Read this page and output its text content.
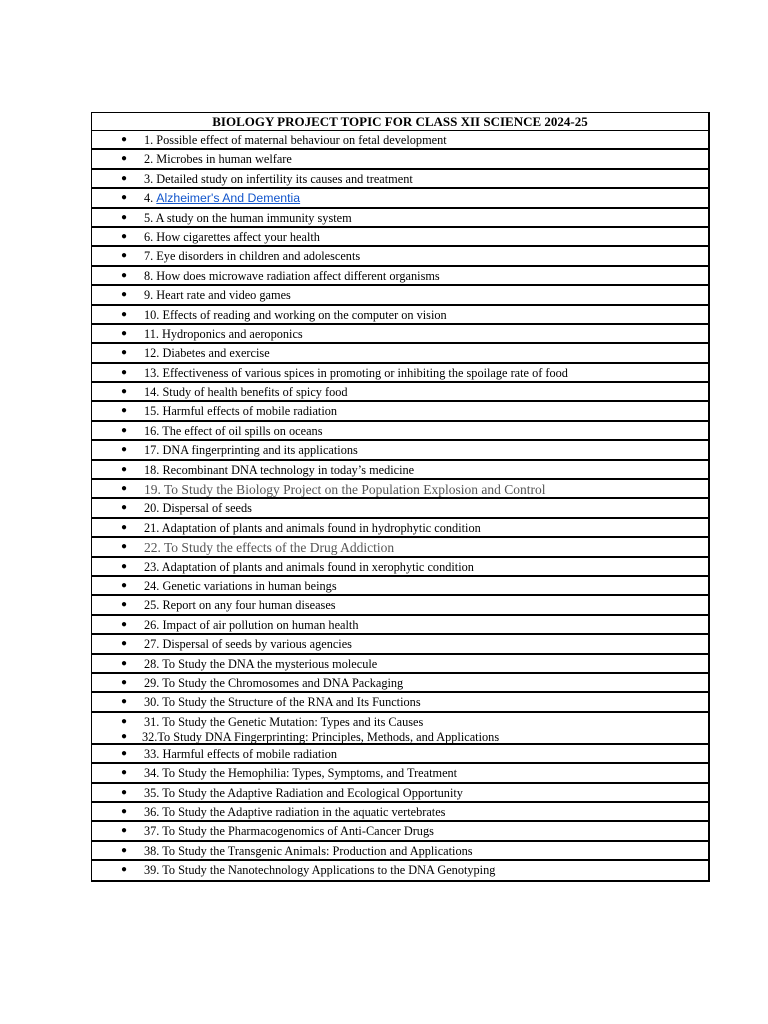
BIOLOGY PROJECT TOPIC FOR CLASS XII SCIENCE 2024-25
● 1. Possible effect of maternal behaviour on fetal development
● 2. Microbes in human welfare
● 3. Detailed study on infertility its causes and treatment
● 4. Alzheimer's And Dementia
● 5. A study on the human immunity system
● 6. How cigarettes affect your health
● 7. Eye disorders in children and adolescents
● 8. How does microwave radiation affect different organisms
● 9. Heart rate and video games
● 10. Effects of reading and working on the computer on vision
● 11. Hydroponics and aeroponics
● 12. Diabetes and exercise
● 13. Effectiveness of various spices in promoting or inhibiting the spoilage rate of food
● 14. Study of health benefits of spicy food
● 15. Harmful effects of mobile radiation
● 16. The effect of oil spills on oceans
● 17. DNA fingerprinting and its applications
● 18. Recombinant DNA technology in today’s medicine
● 19. To Study the Biology Project on the Population Explosion and Control
● 20. Dispersal of seeds
● 21. Adaptation of plants and animals found in hydrophytic condition
● 22. To Study the effects of the Drug Addiction
● 23. Adaptation of plants and animals found in xerophytic condition
● 24. Genetic variations in human beings
● 25. Report on any four human diseases
● 26. Impact of air pollution on human health
● 27. Dispersal of seeds by various agencies
● 28. To Study the DNA the mysterious molecule
● 29. To Study the Chromosomes and DNA Packaging
● 30. To Study the Structure of the RNA and Its Functions
● 31. To Study the Genetic Mutation: Types and its Causes
● 32.To Study DNA Fingerprinting: Principles, Methods, and Applications
● 33. Harmful effects of mobile radiation
● 34. To Study the Hemophilia: Types, Symptoms, and Treatment
● 35. To Study the Adaptive Radiation and Ecological Opportunity
● 36. To Study the Adaptive radiation in the aquatic vertebrates
● 37. To Study the Pharmacogenomics of Anti-Cancer Drugs
● 38. To Study the Transgenic Animals: Production and Applications
● 39. To Study the Nanotechnology Applications to the DNA Genotyping
